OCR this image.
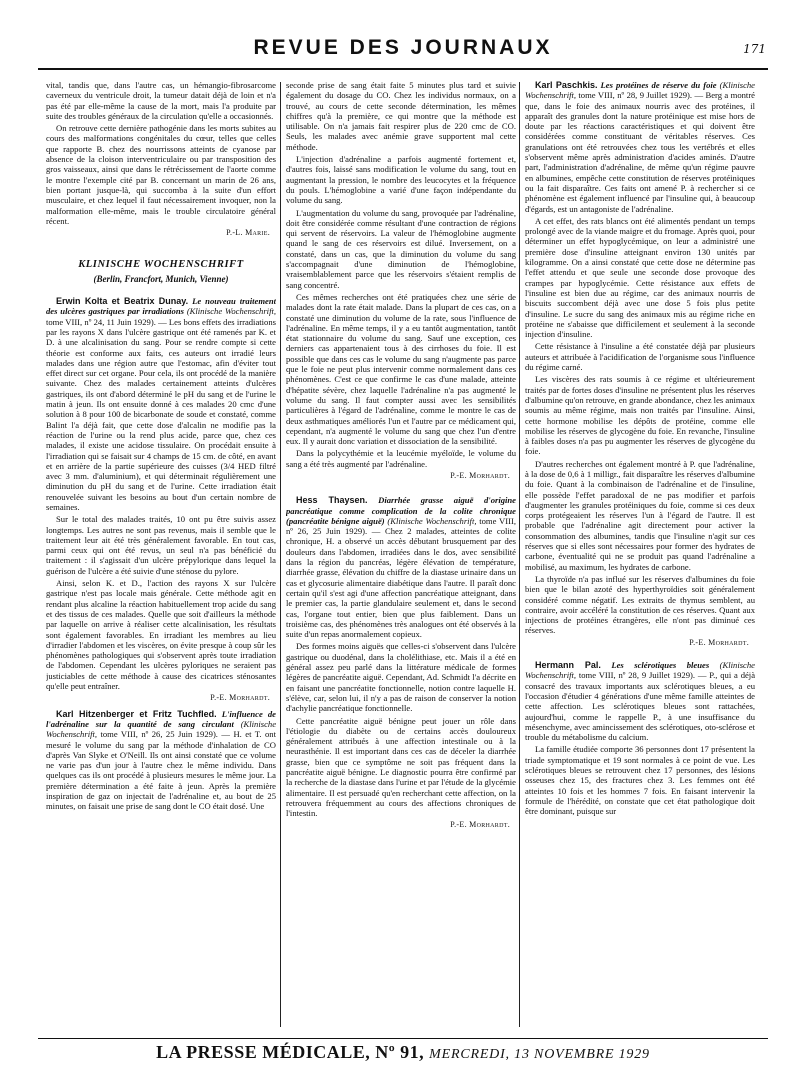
REVUE DES JOURNAUX	171

vital, tandis que, dans l'autre cas, un hémangio-fibrosarcome caverneux du ventricule droit, la tumeur datait déjà de loin et n'a pas été par elle-même la cause de la mort, mais l'a produite par suite des troubles généraux de la circulation qu'elle a occasionnés.

On retrouve cette dernière pathogénie dans les morts subites au cours des malformations congénitales du cœur, telles que celles que rapporte B. chez des nourrissons atteints de cyanose par absence de la cloison interventriculaire ou par transposition des gros vaisseaux, ainsi que dans le rétrécissement de l'aorte comme le montre l'exemple cité par B. concernant un marin de 26 ans, bien portant jusque-là, qui succomba à la suite d'un effort musculaire, et chez lequel il faut nécessairement invoquer, non la malformation elle-même, mais le trouble circulatoire général récent.

P.-L. Marie.
KLINISCHE WOCHENSCHRIFT
(Berlin, Francfort, Munich, Vienne)

Erwin Kolta et Beatrix Dunay. Le nouveau traitement des ulcères gastriques par irradiations (Klinische Wochenschrift, tome VIII, nº 24, 11 Juin 1929). — Les bons effets des irradiations par les rayons X dans l'ulcère gastrique ont été ramenés par K. et D. à une alcalinisation du sang. Pour se rendre compte si cette théorie est conforme aux faits, ces auteurs ont irradié leurs malades dans une région autre que l'estomac, afin d'éviter tout effet direct sur cet organe. Pour cela, ils ont procédé de la manière suivante. Chez des malades certainement atteints d'ulcères gastriques, ils ont d'abord déterminé le pH du sang et de l'urine le matin à jeun. Ils ont ensuite donné à ces malades 20 cmc d'une solution à 8 pour 100 de bicarbonate de soude et constaté, comme Balint l'a déjà fait, que cette dose d'alcalin ne modifie pas la réaction de l'urine ou la rend plus acide, parce que, chez ces malades, il existe une acidose tissulaire. On procédait ensuite à l'irradiation qui se faisait sur 4 champs de 15 cm. de côté, en avant et en arrière de la partie supérieure des cuisses (3/4 HED filtré avec 3 mm. d'aluminium), et qui déterminait régulièrement une diminution du pH du sang et de l'urine. Cette irradiation était renouvelée suivant les besoins au bout d'un certain nombre de semaines.

Sur le total des malades traités, 10 ont pu être suivis assez longtemps. Les autres ne sont pas revenus, mais il semble que le traitement leur ait été très généralement favorable. En tout cas, parmi ceux qui ont été revus, un seul n'a pas bénéficié du traitement : il s'agissait d'un ulcère prépylorique dans lequel la guérison de l'ulcère a été suivie d'une sténose du pylore.

Ainsi, selon K. et D., l'action des rayons X sur l'ulcère gastrique n'est pas locale mais générale. Cette méthode agit en rendant plus alcaline la réaction habituellement trop acide du sang et des tissus de ces malades. Quelle que soit d'ailleurs la méthode par laquelle on arrive à réaliser cette alcalinisation, les résultats sont également favorables. En irradiant les membres au lieu d'irradier l'abdomen et les viscères, on évite presque à coup sûr les phénomènes pathologiques qui s'observent après toute irradiation de l'abdomen. Cependant les ulcères pyloriques ne seraient pas justiciables de cette méthode à cause des cicatrices sténosantes qu'elle peut entraîner.

P.-E. Morhardt.

Karl Hitzenberger et Fritz Tuchfled. L'influence de l'adrénaline sur la quantité de sang circulant (Klinische Wochenschrift, tome VIII, nº 26, 25 Juin 1929). — H. et T. ont mesuré le volume du sang par la méthode d'inhalation de CO d'après Van Slyke et O'Neill. Ils ont ainsi constaté que ce volume ne varie pas d'un jour à l'autre chez le même individu. Dans quelques cas ils ont procédé à plusieurs mesures le même jour. La première détermination a été faite à jeun. Après la première inspiration de gaz on injectait de l'adrénaline et, au bout de 25 minutes, on faisait une prise de sang dont le CO était dosé. Une

seconde prise de sang était faite 5 minutes plus tard et suivie également du dosage du CO. Chez les individus normaux, on a trouvé, au cours de cette seconde détermination, les mêmes chiffres qu'à la première, ce qui montre que la méthode est utilisable. On n'a jamais fait respirer plus de 220 cmc de CO. Seuls, les malades avec anémie grave supportent mal cette méthode.

L'injection d'adrénaline a parfois augmenté fortement et, d'autres fois, laissé sans modification le volume du sang, tout en augmentant la pression, le nombre des leucocytes et la fréquence du pouls. L'hémoglobine a varié d'une façon indépendante du volume du sang.

L'augmentation du volume du sang, provoquée par l'adrénaline, doit être considérée comme résultant d'une contraction de régions qui servent de réservoirs. La valeur de l'hémoglobine augmente quand le sang de ces réservoirs est dilué. Inversement, on a constaté, dans un cas, que la diminution du volume du sang s'accompagnait d'une diminution de l'hémoglobine, vraisemblablement parce que les réservoirs s'étaient remplis de sang concentré.

Ces mêmes recherches ont été pratiquées chez une série de malades dont la rate était malade. Dans la plupart de ces cas, on a constaté une diminution du volume de la rate, sous l'influence de l'adrénaline. En même temps, il y a eu tantôt augmentation, tantôt état stationnaire du volume du sang. Sauf une exception, ces derniers cas appartenaient tous à des cirrhoses du foie. Il est possible que dans ces cas le volume du sang n'augmente pas parce que le foie ne peut plus intervenir comme normalement dans ces phénomènes. C'est ce que confirme le cas d'une malade, atteinte d'hépatite sévère, chez laquelle l'adrénaline n'a pas augmenté le volume du sang. Il faut compter aussi avec les sensibilités particulières à l'égard de l'adrénaline, comme le montre le cas de deux asthmatiques améliorés l'un et l'autre par ce médicament qui, cependant, n'a augmenté le volume du sang que chez l'un d'entre eux. Il y aurait donc variation et dissociation de la sensibilité.

Dans la polycythémie et la leucémie myéloïde, le volume du sang a été très augmenté par l'adrénaline.

P.-E. Morhardt.

Hess Thaysen. Diarrhée grasse aiguë d'origine pancréatique comme complication de la colite chronique (pancréatite bénigne aiguë) (Klinische Wochenschrift, tome VIII, nº 26, 25 Juin 1929). — Chez 2 malades, atteintes de colite chronique, H. a observé un accès débutant brusquement par des douleurs dans l'abdomen, irradiées dans le dos, avec sensibilité dans la région du pancréas, légère élévation de température, diarrhée grasse, élévation du chiffre de la diastase urinaire dans un cas et glycosurie alimentaire diabétique dans l'autre. Il paraît donc certain qu'il s'est agi d'une affection pancréatique atteignant, dans le premier cas, la partie glandulaire seulement et, dans le second cas, l'organe tout entier, bien que plus faiblement. Dans un troisième cas, des phénomènes très analogues ont été observés à la suite d'un repas anormalement copieux.

Des formes moins aiguës que celles-ci s'observent dans l'ulcère gastrique ou duodénal, dans la cholélithiase, etc. Mais il a été en général assez peu parlé dans la littérature médicale de formes légères de pancréatite aiguë. Cependant, Ad. Schmidt l'a décrite en en faisant une pancréatite fonctionnelle, notion contre laquelle H. s'élève, car, selon lui, il n'y a pas de raison de conserver la notion d'achylie pancréatique fonctionnelle.

Cette pancréatite aiguë bénigne peut jouer un rôle dans l'étiologie du diabète ou de certains accès douloureux généralement attribués à une affection intestinale ou à la neurasthénie. Il est important dans ces cas de déceler la diarrhée grasse, bien que ce symptôme ne soit pas fréquent dans la pancréatite aiguë bénigne. Le diagnostic pourra être confirmé par la recherche de la diastase dans l'urine et par l'étude de la glycémie alimentaire. Il est persuadé qu'en recherchant cette affection, on la retrouvera fréquemment au cours des affections chroniques de l'intestin.

P.-E. Morhardt.

Karl Paschkis. Les protéines de réserve du foie (Klinische Wochenschrift, tome VIII, nº 28, 9 Juillet 1929). — Berg a montré que, dans le foie des animaux nourris avec des protéines, il apparaît des granules dont la nature protéinique est mise hors de doute par les réactions caractéristiques et qui doivent être considérées comme constituant de véritables réserves. Ces granulations ont été retrouvées chez tous les vertébrés et elles s'observent même après administration d'acides aminés. D'autre part, l'administration d'adrénaline, de même qu'un régime pauvre en albumines, empêche cette constitution de réserves protéiniques ou la fait disparaître. Ces faits ont amené P. à rechercher si ce phénomène est également influencé par l'insuline qui, à beaucoup d'égards, est un antagoniste de l'adrénaline.

A cet effet, des rats blancs ont été alimentés pendant un temps prolongé avec de la viande maigre et du fromage. Après quoi, pour déterminer un effet hypoglycémique, on leur a administré une première dose d'insuline atteignant environ 130 unités par kilogramme. On a ainsi constaté que cette dose ne détermine pas l'effet attendu et que seule une seconde dose provoque des crampes par hypoglycémie. Cette résistance aux effets de l'insuline est bien due au régime, car des animaux nourris de biscuits succombent déjà avec une dose 5 fois plus petite d'insuline. Le sucre du sang des animaux mis au régime riche en protéine ne s'abaisse que difficilement et seulement à la seconde injection d'insuline.

Cette résistance à l'insuline a été constatée déjà par plusieurs auteurs et attribuée à l'acidification de l'organisme sous l'influence du régime carné.

Les viscères des rats soumis à ce régime et ultérieurement traités par de fortes doses d'insuline ne présentent plus les réserves d'albumine qu'on retrouve, en grande abondance, chez les animaux soumis au même régime, mais non traités par l'insuline. Ainsi, cette hormone mobilise les dépôts de protéine, comme elle mobilise les réserves de glycogène du foie. En revanche, l'insuline à faibles doses n'a pas pu augmenter les réserves de glycogène du foie.

D'autres recherches ont également montré à P. que l'adrénaline, à la dose de 0,6 à 1 milligr., fait disparaître les réserves d'albumine du foie. Quant à la combinaison de l'adrénaline et de l'insuline, elle possède l'effet paradoxal de ne pas modifier et parfois d'augmenter les granules protéiniques du foie, comme si ces deux corps protégeaient les réserves l'un à l'égard de l'autre. Il est probable que l'adrénaline agit directement pour activer la consommation des albumines, tandis que l'insuline n'agit sur ces réserves que si elles sont nécessaires pour former des hydrates de carbone, éventualité qui ne se produit pas quand l'adrénaline a mobilisé, au maximum, les hydrates de carbone.

La thyroïde n'a pas influé sur les réserves d'albumines du foie bien que le bilan azoté des hyperthyroïdies soit généralement considéré comme négatif. Les extraits de thymus semblent, au contraire, avoir accéléré la constitution de ces réserves. Quant aux injections de protéines étrangères, elle n'ont pas diminué ces réserves.

P.-E. Morhardt.

Hermann Pal. Les sclérotiques bleues (Klinische Wochenschrift, tome VIII, nº 28, 9 Juillet 1929). — P., qui a déjà consacré des travaux importants aux sclérotiques bleues, a eu l'occasion d'étudier 4 générations d'une même famille atteintes de cette affection. Les sclérotiques bleues sont rattachées, aujourd'hui, comme le rappelle P., à une insuffisance du mésenchyme, avec amincissement des sclérotiques, oto-sclérose et trouble du métabolisme du calcium.

La famille étudiée comporte 36 personnes dont 17 présentent la triade symptomatique et 19 sont normales à ce point de vue. Les sclérotiques bleues se retrouvent chez 17 personnes, des lésions osseuses chez 15, des fractures chez 3. Les femmes ont été atteintes 10 fois et les hommes 7 fois. En faisant intervenir la formule de l'hérédité, on constate que cet état pathologique doit être dominant, puisque sur

LA PRESSE MÉDICALE, Nº 91, MERCREDI, 13 NOVEMBRE 1929
